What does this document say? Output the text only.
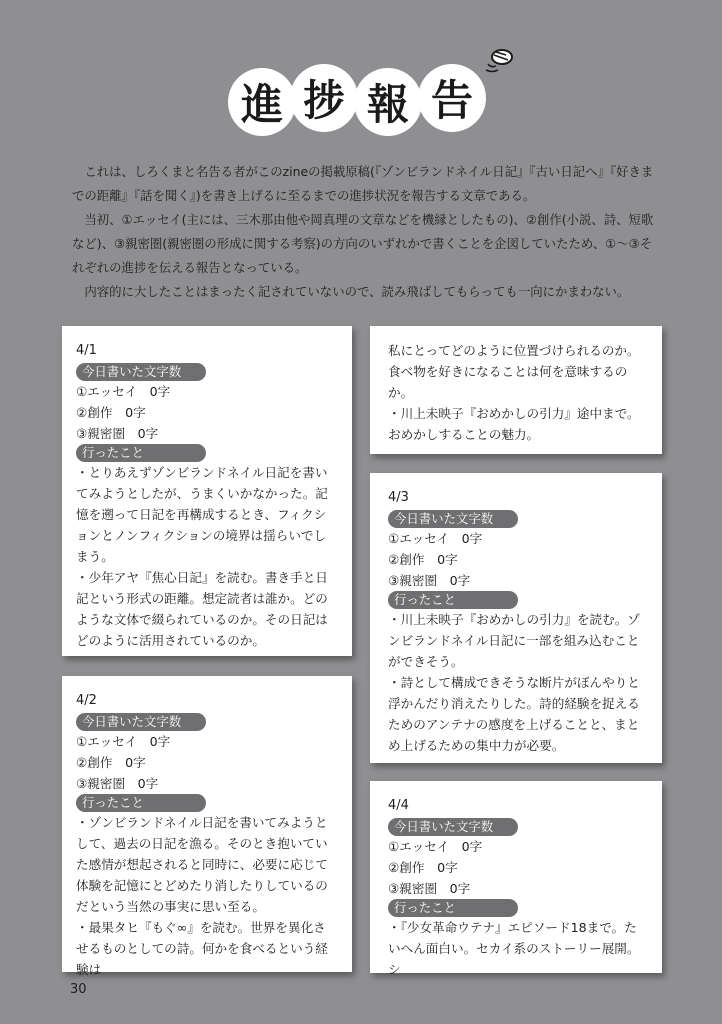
進 捗 報 告

これは、しろくまと名告る者がこのzineの掲載原稿(『ゾンビランドネイル日記』『古い日記へ』『好きまでの距離』『話を聞く』)を書き上げるに至るまでの進捗状況を報告する文章である。

当初、①エッセイ(主には、三木那由他や岡真理の文章などを機縁としたもの)、②創作(小説、詩、短歌など)、③親密圏(親密圏の形成に関する考察)の方向のいずれかで書くことを企図していたため、①〜③それぞれの進捗を伝える報告となっている。

内容的に大したことはまったく記されていないので、読み飛ばしてもらっても一向にかまわない。

4/1
今日書いた文字数
①エッセイ　0字
②創作　0字
③親密圏　0字
行ったこと
・とりあえずゾンビランドネイル日記を書いてみようとしたが、うまくいかなかった。記憶を遡って日記を再構成するとき、フィクションとノンフィクションの境界は揺らいでしまう。
・少年アヤ『焦心日記』を読む。書き手と日記という形式の距離。想定読者は誰か。どのような文体で綴られているのか。その日記はどのように活用されているのか。
私にとってどのように位置づけられるのか。食べ物を好きになることは何を意味するのか。
・川上未映子『おめかしの引力』途中まで。おめかしすることの魅力。
4/3
今日書いた文字数
①エッセイ　0字
②創作　0字
③親密圏　0字
行ったこと
・川上未映子『おめかしの引力』を読む。ゾンビランドネイル日記に一部を組み込むことができそう。
・詩として構成できそうな断片がぼんやりと浮かんだり消えたりした。詩的経験を捉えるためのアンテナの感度を上げることと、まとめ上げるための集中力が必要。
4/2
今日書いた文字数
①エッセイ　0字
②創作　0字
③親密圏　0字
行ったこと
・ゾンビランドネイル日記を書いてみようとして、過去の日記を漁る。そのとき抱いていた感情が想起されると同時に、必要に応じて体験を記憶にとどめたり消したりしているのだという当然の事実に思い至る。
・最果タヒ『もぐ∞』を読む。世界を異化させるものとしての詩。何かを食べるという経験は
4/4
今日書いた文字数
①エッセイ　0字
②創作　0字
③親密圏　0字
行ったこと
・『少女革命ウテナ』エピソード18まで。たいへん面白い。セカイ系のストーリー展開。シ
30
